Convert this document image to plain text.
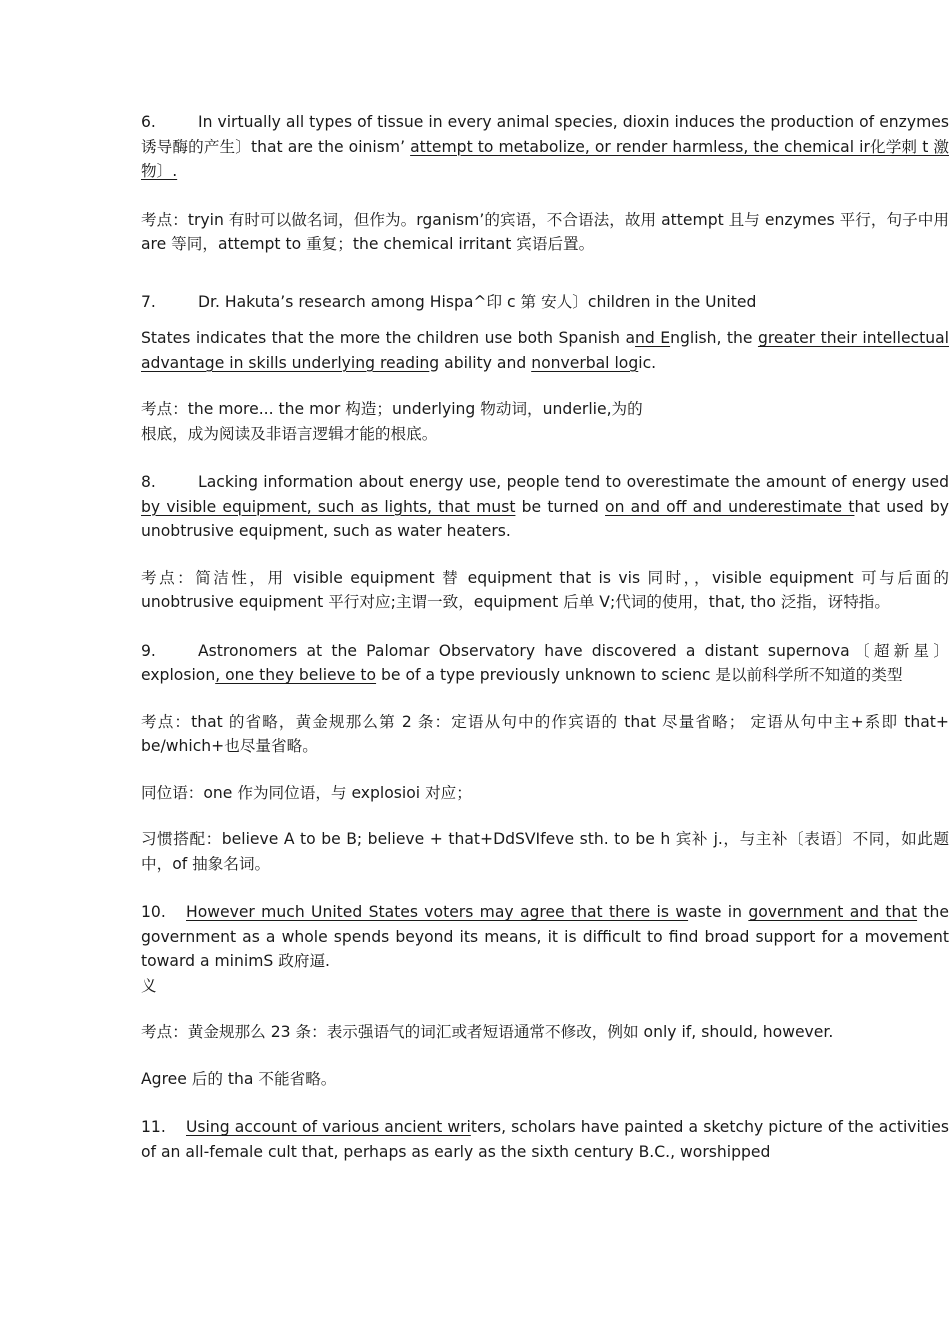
6.	In virtually all types of tissue in every animal species, dioxin induces the production of enzymes 诱导酶的产生〕that are the oinism’ attempt to metabolize, or render harmless, the chemical ir化学刺 t 激物〕.

考点：tryin 有时可以做名词，但作为。rganism’的宾语，不合语法，故用 attempt 且与 enzymes 平行，句子中用 are 等同，attempt to 重复；the chemical irritant 宾语后置。

7.	Dr. Hakuta’s research among Hispa^印 c 第 安人〕children in the United

States indicates that the more the children use both Spanish and English, the greater their intellectual advantage in skills underlying reading ability and nonverbal logic.

考点：the more... the mor 构造；underlying 物动词，underlie,为的

根底，成为阅读及非语言逻辑才能的根底。

8.	Lacking information about energy use, people tend to overestimate the amount of energy used by visible equipment, such as lights, that must be turned on and off and underestimate that used by unobtrusive equipment, such as water heaters.

考点：简洁性，用 visible equipment 替 equipment that is vis 同时，，visible equipment 可与后面的 unobtrusive equipment 平行对应;主谓一致，equipment 后单 V;代词的使用，that, tho 泛指，讶特指。

9.	Astronomers at the Palomar Observatory have discovered a distant supernova〔超新星〕explosion, one they believe to be of a type previously unknown to scienc 是以前科学所不知道的类型

考点：that 的省略，黄金规那么第 2 条：定语从句中的作宾语的 that 尽量省略； 定语从句中主+系即 that+ be/which+也尽量省略。

同位语：one 作为同位语，与 explosioi 对应；

习惯搭配：believe A to be B; believe + that+DdSVIfeve sth. to be h 宾补 j.，与主补〔表语〕不同，如此题中，of 抽象名词。

10. However much United States voters may agree that there is waste in government and that the government as a whole spends beyond its means, it is difficult to find broad support for a movement toward a minimS 政府逼.

义

考点：黄金规那么 23 条：表示强语气的词汇或者短语通常不修改，例如 only if, should, however.

Agree 后的 tha 不能省略。

11. Using account of various ancient writers, scholars have painted a sketchy picture of the activities of an all-female cult that, perhaps as early as the sixth century B.C., worshipped
